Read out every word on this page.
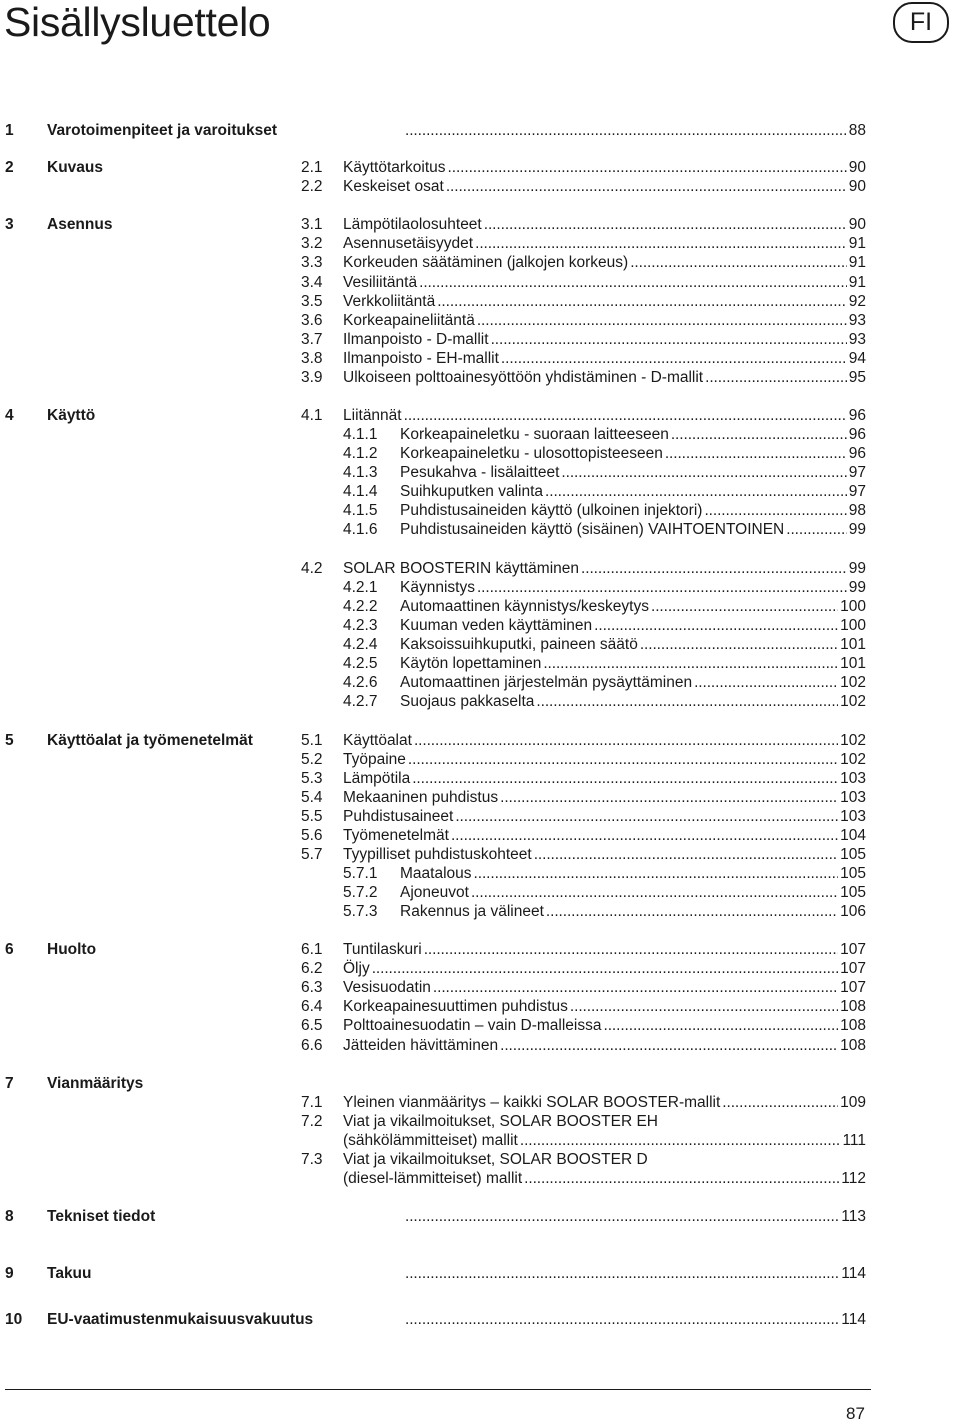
Sisällysluettelo	FI
1 Varotoimenpiteet ja varoitukset . . .	88
2 Kuvaus	2.1 Käyttötarkoitus . . .	90
2.2 Keskeiset osat . . .	90
3 Asennus	3.1 Lämpötilaolosuhteet . . .	90
3.2 Asennusetäisyydet . . .	91
3.3 Korkeuden säätäminen (jalkojen korkeus) . . .	91
3.4 Vesiliitäntä . . .	91
3.5 Verkkoliitäntä . . .	92
3.6 Korkeapaineliitäntä . . .	93
3.7 Ilmanpoisto - D-mallit . . .	93
3.8 Ilmanpoisto - EH-mallit . . .	94
3.9 Ulkoiseen polttoainesyöttöön yhdistäminen - D-mallit . . .	95
4 Käyttö	4.1 Liitännät . . .	96
4.1.1 Korkeapaineletku - suoraan laitteeseen . . .	96
4.1.2 Korkeapaineletku - ulosottopisteeseen . . .	96
4.1.3 Pesukahva - lisälaitteet . . .	97
4.1.4 Suihkuputken valinta . . .	97
4.1.5 Puhdistusaineiden käyttö (ulkoinen injektori) . . .	98
4.1.6 Puhdistusaineiden käyttö (sisäinen) VAIHTOENTOINEN . . .	99
4.2 SOLAR BOOSTERIN käyttäminen . . .	99
4.2.1 Käynnistys . . .	99
4.2.2 Automaattinen käynnistys/keskeytys . . .	100
4.2.3 Kuuman veden käyttäminen . . .	100
4.2.4 Kaksoissuihkuputki, paineen säätö . . .	101
4.2.5 Käytön lopettaminen . . .	101
4.2.6 Automaattinen järjestelmän pysäyttäminen . . .	102
4.2.7 Suojaus pakkaselta . . .	102
5 Käyttöalat ja työmenetelmät	5.1 Käyttöalat . . .	102
5.2 Työpaine . . .	102
5.3 Lämpötila . . .	103
5.4 Mekaaninen puhdistus . . .	103
5.5 Puhdistusaineet . . .	103
5.6 Työmenetelmät . . .	104
5.7 Tyypilliset puhdistuskohteet . . .	105
5.7.1 Maatalous . . .	105
5.7.2 Ajoneuvot . . .	105
5.7.3 Rakennus ja välineet . . .	106
6 Huolto	6.1 Tuntilaskuri . . .	107
6.2 Öljy . . .	107
6.3 Vesisuodatin . . .	107
6.4 Korkeapainesuuttimen puhdistus . . .	108
6.5 Polttoainesuodatin – vain D-malleissa . . .	108
6.6 Jätteiden hävittäminen . . .	108
7 Vianmääritys
7.1 Yleinen vianmääritys – kaikki SOLAR BOOSTER-mallit . . .	109
7.2 Viat ja vikailmoitukset, SOLAR BOOSTER EH
(sähkölämmitteiset) mallit . . .	111
7.3 Viat ja vikailmoitukset, SOLAR BOOSTER D
(diesel-lämmitteiset) mallit . . .	112
8 Tekniset tiedot . . .	113
9 Takuu . . .	114
10 EU-vaatimustenmukaisuusvakuutus . . .	114
87
